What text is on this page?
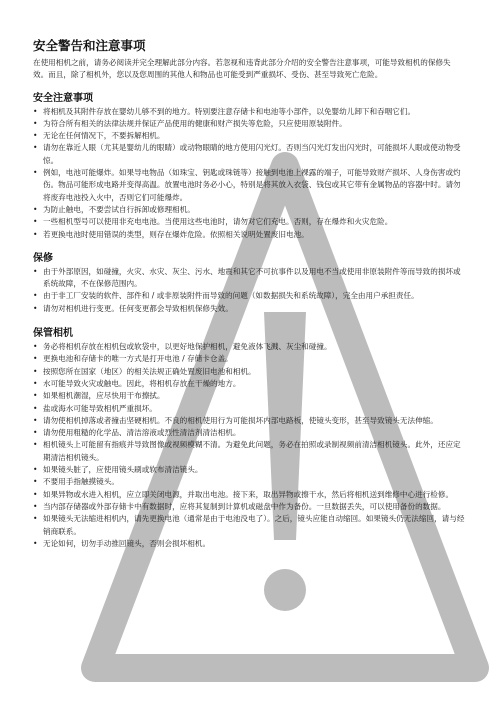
安全警告和注意事项

在使用相机之前，请务必阅读并完全理解此部分内容。若忽视和违背此部分介绍的安全警告注意事项，可能导致相机的保修失效。而且，除了相机外，您以及您周围的其他人和物品也可能受到严重损坏、受伤、甚至导致死亡危险。

安全注意事项
• 将相机及其附件存放在婴幼儿够不到的地方。特别要注意存储卡和电池等小部件，以免婴幼儿卸下和吞咽它们。
• 为符合所有相关的法律法规并保证产品使用的健康和财产损失等危险，只应使用原装附件。
• 无论在任何情况下，不要拆解相机。
• 请勿在靠近人眼（尤其是婴幼儿的眼睛）或动物眼睛的地方使用闪光灯。否则当闪光灯发出闪光时，可能损坏人眼或使动物受惊。
• 例如，电池可能爆炸。如果导电物品（如珠宝、钥匙或珠链等）接触到电池上裸露的端子，可能导致财产损坏、人身伤害或灼伤。物品可能形成电路并变得高温。放置电池时务必小心，特别是将其放入衣袋、钱包或其它带有金属物品的容器中时。请勿将废弃电池投入火中，否则它们可能爆炸。
• 为防止触电，不要尝试自行拆卸或修理相机。
• 一些相机型号可以使用非充电电池。当使用这些电池时，请勿对它们充电。否则，存在爆炸和火灾危险。
• 若更换电池时使用错误的类型，则存在爆炸危险。依照相关说明处置废旧电池。
保修
• 由于外部原因，如碰撞，火灾、水灾、灰尘、污水、地震和其它不可抗事件以及用电不当或使用非原装附件等而导致的损坏或系统故障，不在保修范围内。
• 由于非工厂安装的软件、部件和 / 或非原装附件而导致的问题（如数据损失和系统故障），完全由用户承担责任。
• 请勿对相机进行变更。任何变更都会导致相机保修失效。
保管相机
• 务必将相机存放在相机包或软袋中，以更好地保护相机，避免液体飞溅、灰尘和碰撞。
• 更换电池和存储卡的唯一方式是打开电池 / 存储卡仓盖。
• 按照您所在国家（地区）的相关法规正确处置废旧电池和相机。
• 水可能导致火灾或触电。因此，将相机存放在干燥的地方。
• 如果相机潮湿，应尽快用干布擦拭。
• 盐或海水可能导致相机严重损坏。
• 请勿使相机掉落或者撞击坚硬相机。不良的相机使用行为可能损坏内部电路板，使镜头变形，甚至导致镜头无法伸缩。
• 请勿使用粗糙的化学品、清洁溶液或烈性清洁剂清洁相机。
• 相机镜头上可能留有指痕并导致图像或视频模糊不清。为避免此问题，务必在拍照或录制视频前清洁相机镜头。此外，还应定期清洁相机镜头。
• 如果镜头脏了，应使用镜头刷或软布清洁镜头。
• 不要用手指触摸镜头。
• 如果异物或水进入相机，应立即关闭电源，并取出电池。接下来，取出异物或擦干水，然后将相机送到维修中心进行检修。
• 当内部存储器或外部存储卡中有数据时，应将其复制到计算机或磁盘中作为备份。一旦数据丢失，可以使用备份的数据。
• 如果镜头无法缩进相机内，请先更换电池（通常是由于电池没电了）。之后，镜头应能自动缩回。如果镜头仍无法缩回，请与经销商联系。
• 无论如何，切勿手动推回镜头，否则会损坏相机。
